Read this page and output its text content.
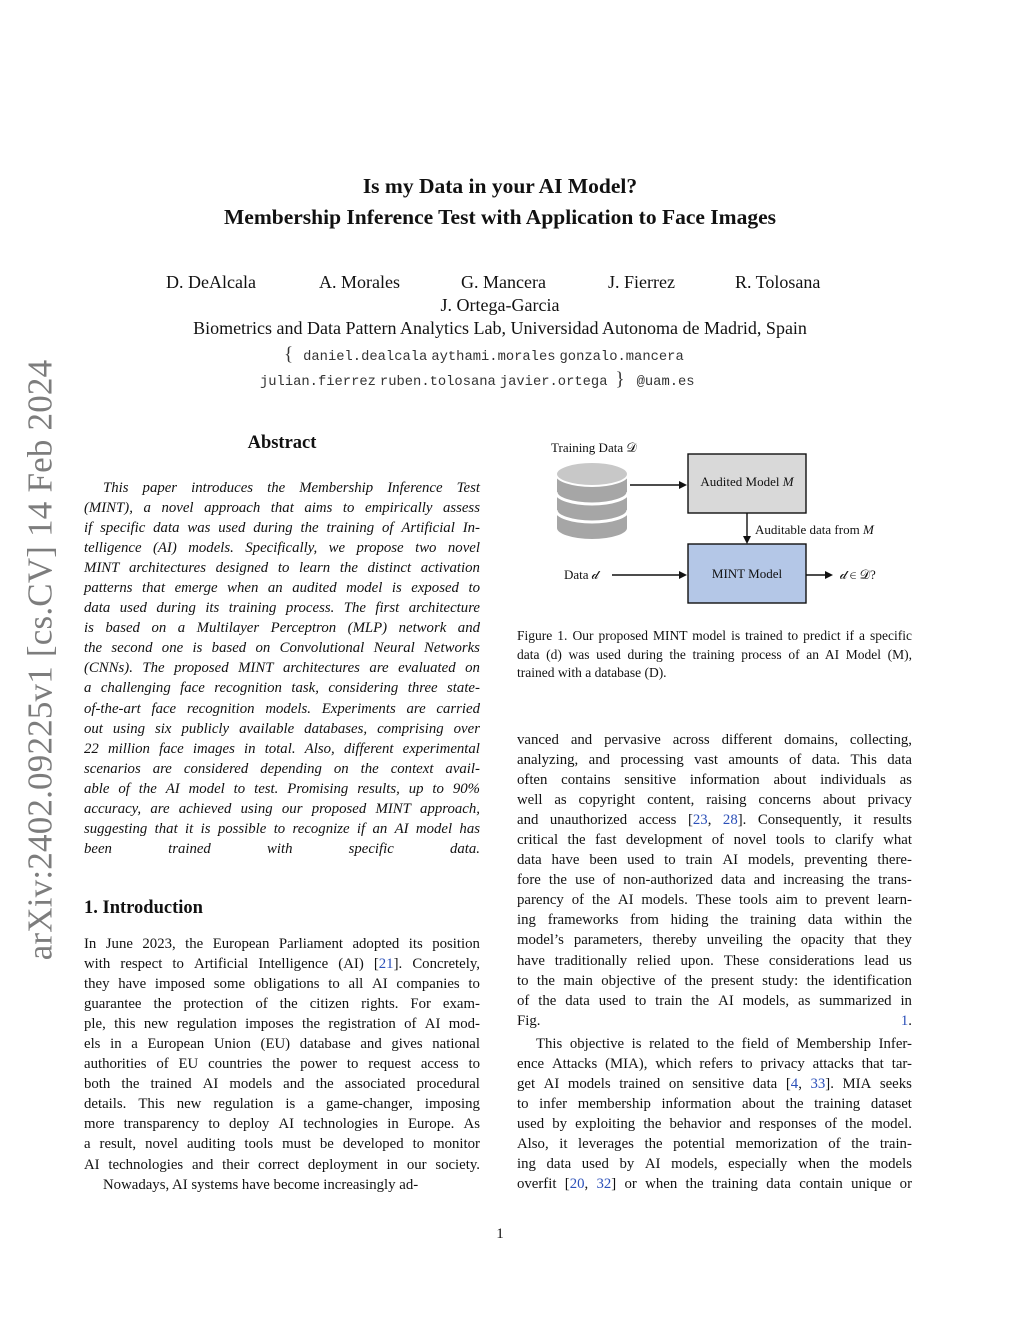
arXiv:2402.09225v1 [cs.CV] 14 Feb 2024
Is my Data in your AI Model?
Membership Inference Test with Application to Face Images
D. DeAlcala	A. Morales	G. Mancera	J. Fierrez	R. Tolosana
J. Ortega-Garcia
Biometrics and Data Pattern Analytics Lab, Universidad Autonoma de Madrid, Spain
{ daniel.dealcala aythami.morales gonzalo.mancera
julian.fierrez ruben.tolosana javier.ortega } @uam.es
Abstract
This paper introduces the Membership Inference Test
(MINT), a novel approach that aims to empirically assess
if specific data was used during the training of Artificial In-
telligence (AI) models. Specifically, we propose two novel
MINT architectures designed to learn the distinct activation
patterns that emerge when an audited model is exposed to
data used during its training process. The first architecture
is based on a Multilayer Perceptron (MLP) network and
the second one is based on Convolutional Neural Networks
(CNNs). The proposed MINT architectures are evaluated on
a challenging face recognition task, considering three state-
of-the-art face recognition models. Experiments are carried
out using six publicly available databases, comprising over
22 million face images in total. Also, different experimental
scenarios are considered depending on the context avail-
able of the AI model to test. Promising results, up to 90%
accuracy, are achieved using our proposed MINT approach,
suggesting that it is possible to recognize if an AI model has
been trained with specific data.
1. Introduction
In June 2023, the European Parliament adopted its position
with respect to Artificial Intelligence (AI) [21]. Concretely,
they have imposed some obligations to all AI companies to
guarantee the protection of the citizen rights. For exam-
ple, this new regulation imposes the registration of AI mod-
els in a European Union (EU) database and gives national
authorities of EU countries the power to request access to
both the trained AI models and the associated procedural
details. This new regulation is a game-changer, imposing
more transparency to deploy AI technologies in Europe. As
a result, novel auditing tools must be developed to monitor
AI technologies and their correct deployment in our society.
Nowadays, AI systems have become increasingly ad-
Training Data 𝒟
Audited Model M
Auditable data from M
MINT Model
Data 𝒹	𝒹 ∈ 𝒟?
Figure 1. Our proposed MINT model is trained to predict if a specific data (d) was used during the training process of an AI Model (M), trained with a database (D).
vanced and pervasive across different domains, collecting,
analyzing, and processing vast amounts of data. This data
often contains sensitive information about individuals as
well as copyright content, raising concerns about privacy
and unauthorized access [23, 28]. Consequently, it results
critical the fast development of novel tools to clarify what
data have been used to train AI models, preventing there-
fore the use of non-authorized data and increasing the trans-
parency of the AI models. These tools aim to prevent learn-
ing frameworks from hiding the training data within the
model’s parameters, thereby unveiling the opacity that they
have traditionally relied upon. These considerations lead us
to the main objective of the present study: the identification
of the data used to train the AI models, as summarized in
Fig. 1.
This objective is related to the field of Membership Infer-
ence Attacks (MIA), which refers to privacy attacks that tar-
get AI models trained on sensitive data [4, 33]. MIA seeks
to infer membership information about the training dataset
used by exploiting the behavior and responses of the model.
Also, it leverages the potential memorization of the train-
ing data used by AI models, especially when the models
overfit [20, 32] or when the training data contain unique or
1
